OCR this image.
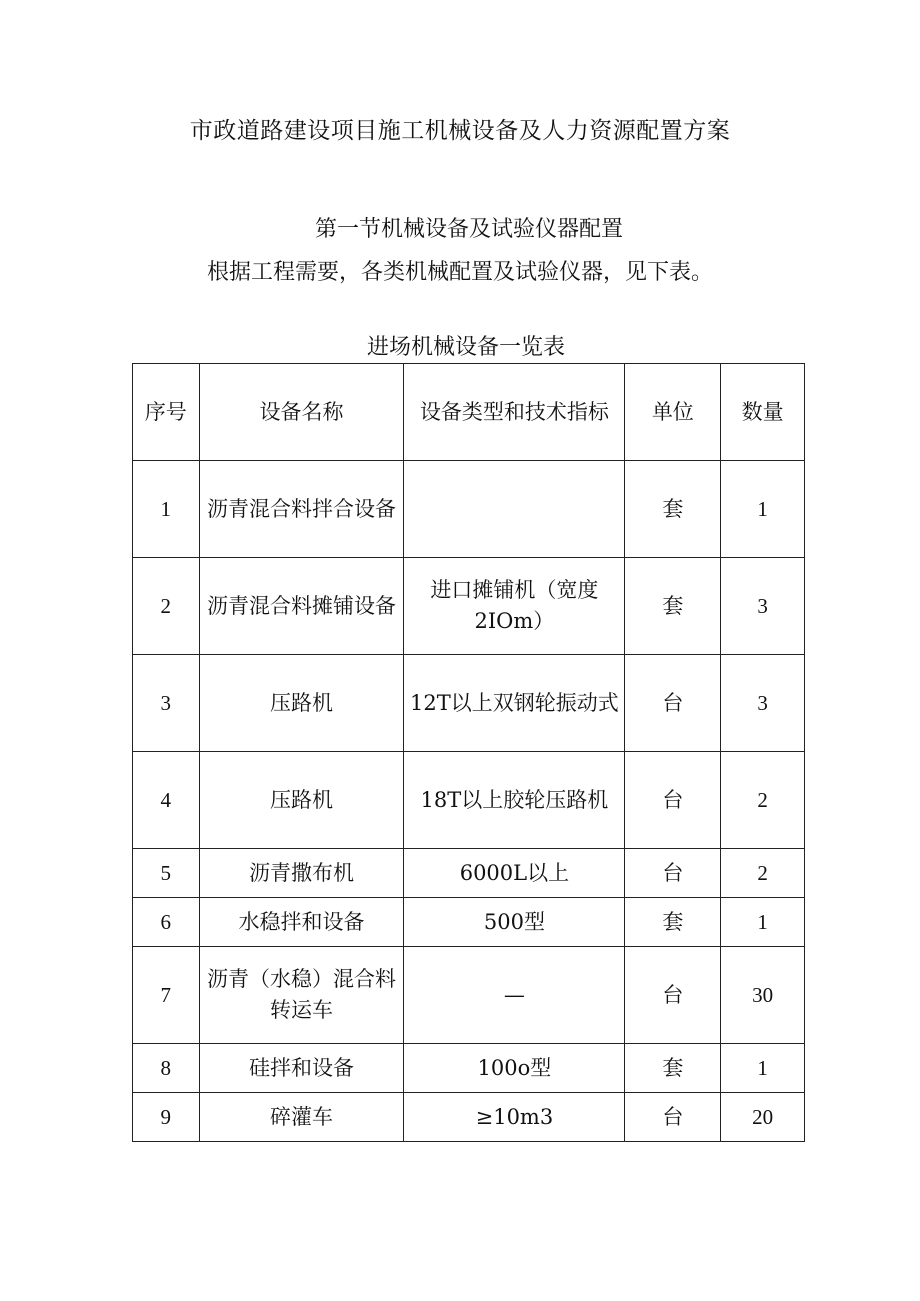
市政道路建设项目施工机械设备及人力资源配置方案
第一节机械设备及试验仪器配置
根据工程需要，各类机械配置及试验仪器，见下表。
进场机械设备一览表
序号	设备名称	设备类型和技术指标	单位	数量
1	沥青混合料拌合设备		套	1
2	沥青混合料摊铺设备	进口摊铺机（宽度2IOm）	套	3
3	压路机	12T以上双钢轮振动式	台	3
4	压路机	18T以上胶轮压路机	台	2
5	沥青撒布机	6000L以上	台	2
6	水稳拌和设备	500型	套	1
7	沥青（水稳）混合料转运车	—	台	30
8	硅拌和设备	100o型	套	1
9	碎灌车	≥10m3	台	20
